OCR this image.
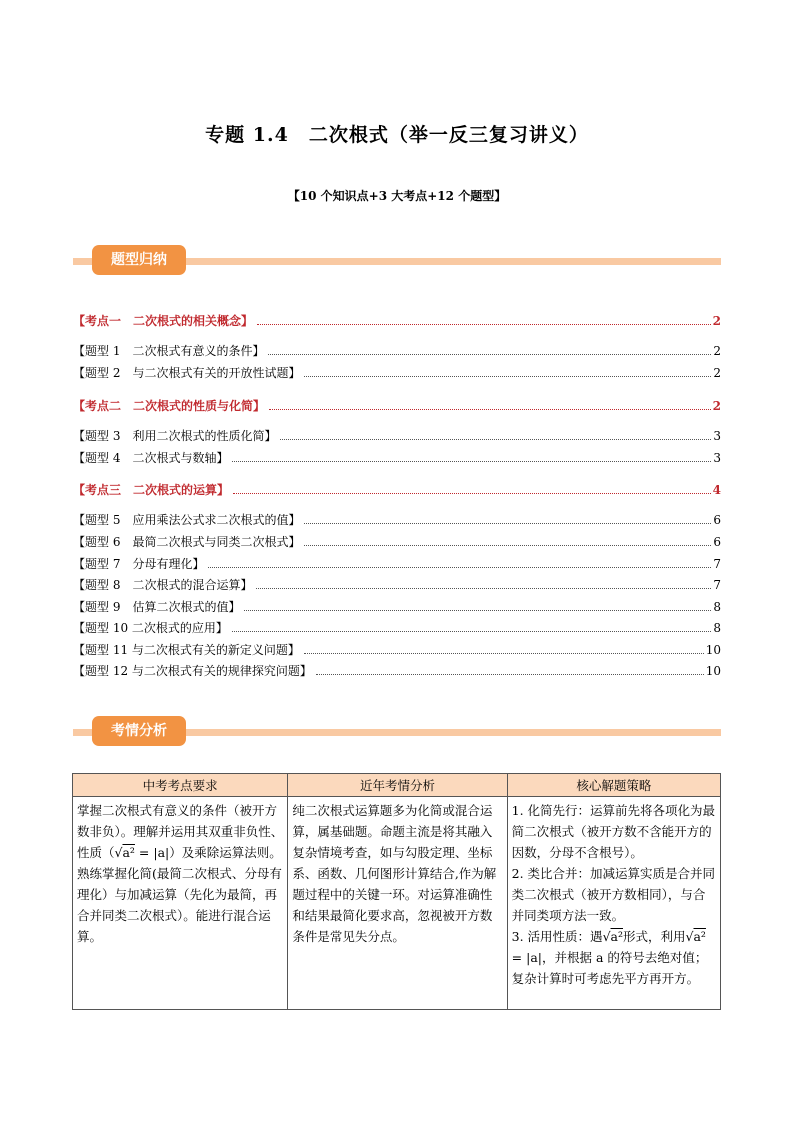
专题 1.4　二次根式（举一反三复习讲义）
【10 个知识点+3 大考点+12 个题型】
题型归纳
【考点一　二次根式的相关概念】	2
【题型 1　二次根式有意义的条件】	2
【题型 2　与二次根式有关的开放性试题】	2
【考点二　二次根式的性质与化简】	2
【题型 3　利用二次根式的性质化简】	3
【题型 4　二次根式与数轴】	3
【考点三　二次根式的运算】	4
【题型 5　应用乘法公式求二次根式的值】	6
【题型 6　最简二次根式与同类二次根式】	6
【题型 7　分母有理化】	7
【题型 8　二次根式的混合运算】	7
【题型 9　估算二次根式的值】	8
【题型 10 二次根式的应用】	8
【题型 11 与二次根式有关的新定义问题】	10
【题型 12 与二次根式有关的规律探究问题】	10
考情分析
中考考点要求	近年考情分析	核心解题策略
掌握二次根式有意义的条件（被开方数非负）。理解并运用其双重非负性、性质（√a² = |a|）及乘除运算法则。熟练掌握化简(最简二次根式、分母有理化）与加减运算（先化为最简，再合并同类二次根式）。能进行混合运算。	纯二次根式运算题多为化简或混合运算，属基础题。命题主流是将其融入复杂情境考查，如与勾股定理、坐标系、函数、几何图形计算结合,作为解题过程中的关键一环。对运算准确性和结果最简化要求高，忽视被开方数条件是常见失分点。	1. 化简先行：运算前先将各项化为最简二次根式（被开方数不含能开方的因数，分母不含根号）。
2. 类比合并：加减运算实质是合并同类二次根式（被开方数相同），与合并同类项方法一致。
3. 活用性质：遇√a²形式，利用√a² = |a|，并根据 a 的符号去绝对值；复杂计算时可考虑先平方再开方。
